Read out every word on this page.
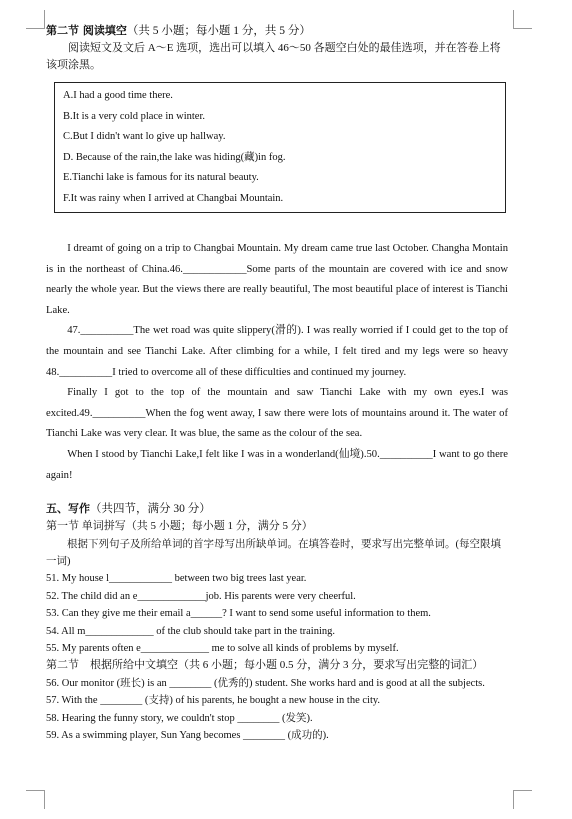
第二节 阅读填空（共 5 小题；每小题 1 分，共 5 分）

阅读短文及文后 A～E 选项，选出可以填入 46～50 各题空白处的最佳选项，并在答卷上将该项涂黑。

A.I had a good time there.

B.It is a very cold place in winter.

C.But I didn't want lo give up hallway.

D. Because of the rain,the lake was hiding(藏)in fog.

E.Tianchi lake is famous for its natural beauty.

F.It was rainy when I arrived at Changbai Mountain.

I dreamt of going on a trip to Changbai Mountain. My dream came true last October. Changha Montain is in the northeast of China.46.____________Some parts of the mountain are covered with ice and snow nearly the whole year. But the views there are really beautiful, The most beautiful place of interest is Tianchi Lake.

47.__________The wet road was quite slippery(滑的). I was really worried if I could get to the top of the mountain and see Tianchi Lake. After climbing for a while, I felt tired and my legs were so heavy 48.__________I tried to overcome all of these difficulties and continued my journey.

Finally I got to the top of the mountain and saw Tianchi Lake with my own eyes.I was excited.49.__________When the fog went away, I saw there were lots of mountains around it. The water of Tianchi Lake was very clear. It was blue, the same as the colour of the sea.

When I stood by Tianchi Lake,I felt like I was in a wonderland(仙境).50.__________I want to go there again!

五、写作（共四节，满分 30 分）

第一节 单词拼写（共 5 小题；每小题 1 分，满分 5 分）

根据下列句子及所给单词的首字母写出所缺单词。在填答卷时，要求写出完整单词。(每空限填一词)

51. My house l____________ between two big trees last year.

52. The child did an e_____________job. His parents were very cheerful.

53. Can they give me their email a______? I want to send some useful information to them.

54. All m_____________ of the club should take part in the training.

55. My parents often e_____________ me to solve all kinds of problems by myself.

第二节　根据所给中文填空（共 6 小题；每小题 0.5 分，满分 3 分，要求写出完整的词汇）

56. Our monitor (班长) is an ________ (优秀的) student. She works hard and is good at all the subjects.

57. With the ________ (支持) of his parents, he bought a new house in the city.

58. Hearing the funny story, we couldn't stop ________ (发笑).

59. As a swimming player, Sun Yang becomes ________ (成功的).
